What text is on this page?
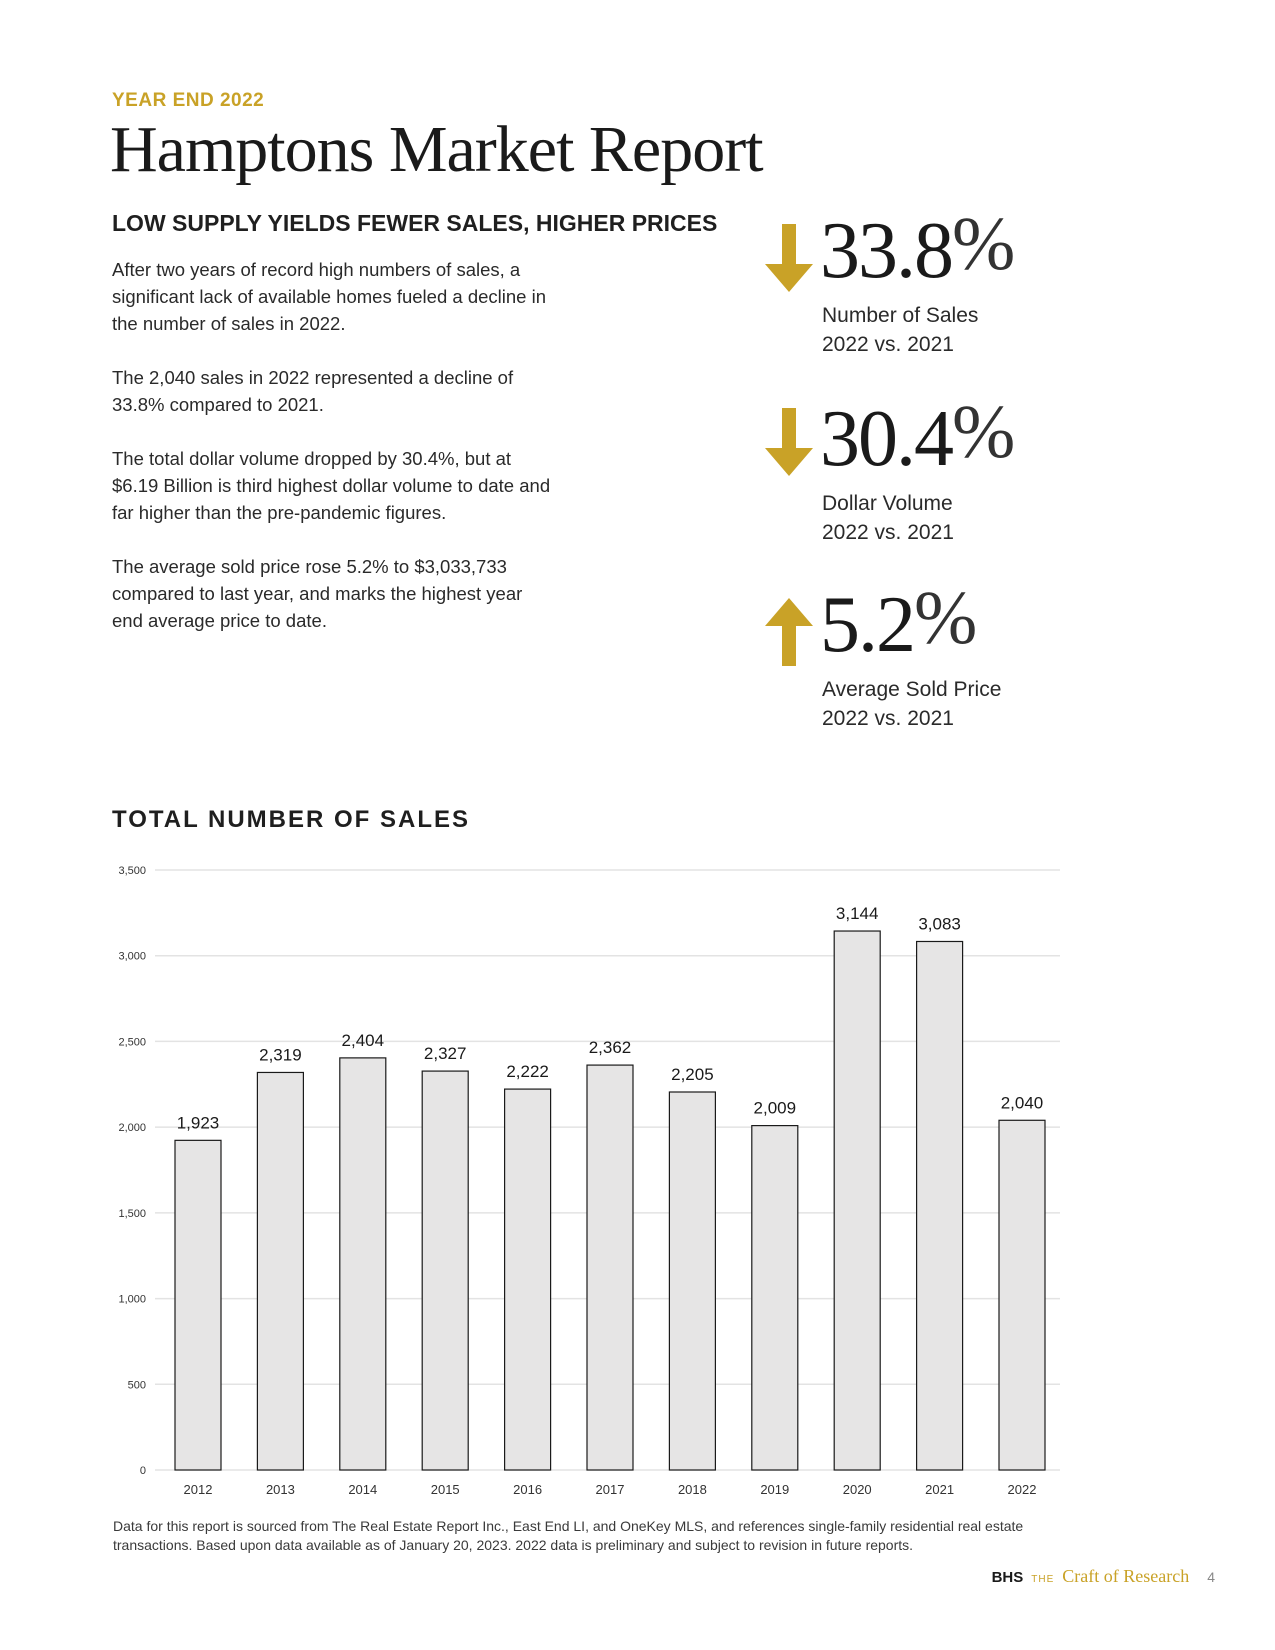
YEAR END 2022
Hamptons Market Report
LOW SUPPLY YIELDS FEWER SALES, HIGHER PRICES

After two years of record high numbers of sales, a significant lack of available homes fueled a decline in the number of sales in 2022.

The 2,040 sales in 2022 represented a decline of 33.8% compared to 2021.

The total dollar volume dropped by 30.4%, but at $6.19 Billion is third highest dollar volume to date and far higher than the pre-pandemic figures.

The average sold price rose 5.2% to $3,033,733 compared to last year, and marks the highest year end average price to date.

33.8%
Number of Sales
2022 vs. 2021
30.4%
Dollar Volume
2022 vs. 2021
5.2%
Average Sold Price
2022 vs. 2021
TOTAL NUMBER OF SALES
0
500
1,000
1,500
2,000
2,500
3,000
3,500
1,923
2012
2,319
2013
2,404
2014
2,327
2015
2,222
2016
2,362
2017
2,205
2018
2,009
2019
3,144
2020
3,083
2021
2,040
2022
Data for this report is sourced from The Real Estate Report Inc., East End LI, and OneKey MLS, and references single-family residential real estate transactions. Based upon data available as of January 20, 2023. 2022 data is preliminary and subject to revision in future reports.
BHS THE Craft of Research 4
